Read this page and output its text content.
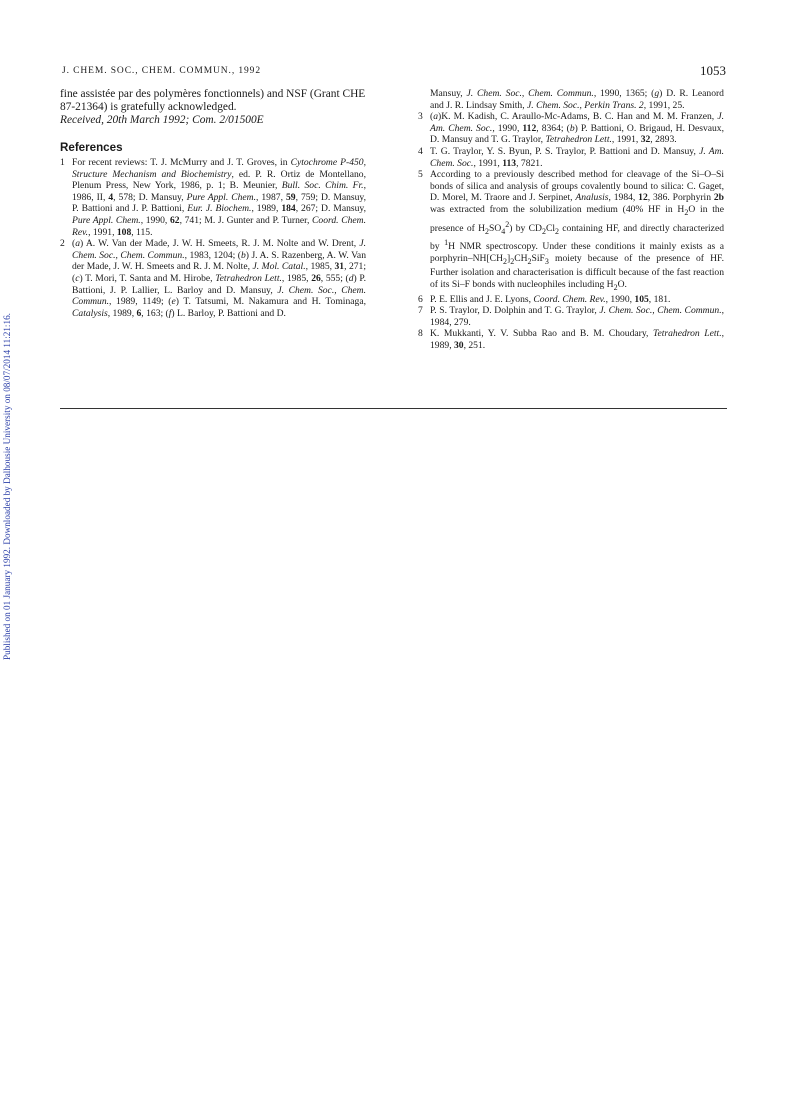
Published on 01 January 1992. Downloaded by Dalhousie University on 08/07/2014 11:21:16.
J. CHEM. SOC., CHEM. COMMUN., 1992	1053

fine assistée par des polymères fonctionnels) and NSF (Grant CHE 87-21364) is gratefully acknowledged.

Received, 20th March 1992; Com. 2/01500E

References

1 For recent reviews: T. J. McMurry and J. T. Groves, in Cytochrome P-450, Structure Mechanism and Biochemistry, ed. P. R. Ortiz de Montellano, Plenum Press, New York, 1986, p. 1; B. Meunier, Bull. Soc. Chim. Fr., 1986, II, 4, 578; D. Mansuy, Pure Appl. Chem., 1987, 59, 759; D. Mansuy, P. Battioni and J. P. Battioni, Eur. J. Biochem., 1989, 184, 267; D. Mansuy, Pure Appl. Chem., 1990, 62, 741; M. J. Gunter and P. Turner, Coord. Chem. Rev., 1991, 108, 115.

2 (a) A. W. Van der Made, J. W. H. Smeets, R. J. M. Nolte and W. Drent, J. Chem. Soc., Chem. Commun., 1983, 1204; (b) J. A. S. Razenberg, A. W. Van der Made, J. W. H. Smeets and R. J. M. Nolte, J. Mol. Catal., 1985, 31, 271; (c) T. Mori, T. Santa and M. Hirobe, Tetrahedron Lett., 1985, 26, 555; (d) P. Battioni, J. P. Lallier, L. Barloy and D. Mansuy, J. Chem. Soc., Chem. Commun., 1989, 1149; (e) T. Tatsumi, M. Nakamura and H. Tominaga, Catalysis, 1989, 6, 163; (f) L. Barloy, P. Battioni and D.

Mansuy, J. Chem. Soc., Chem. Commun., 1990, 1365; (g) D. R. Leanord and J. R. Lindsay Smith, J. Chem. Soc., Perkin Trans. 2, 1991, 25.

3 (a)K. M. Kadish, C. Araullo-Mc-Adams, B. C. Han and M. M. Franzen, J. Am. Chem. Soc., 1990, 112, 8364; (b) P. Battioni, O. Brigaud, H. Desvaux, D. Mansuy and T. G. Traylor, Tetrahedron Lett., 1991, 32, 2893.

4 T. G. Traylor, Y. S. Byun, P. S. Traylor, P. Battioni and D. Mansuy, J. Am. Chem. Soc., 1991, 113, 7821.

5 According to a previously described method for cleavage of the Si–O–Si bonds of silica and analysis of groups covalently bound to silica: C. Gaget, D. Morel, M. Traore and J. Serpinet, Analusis, 1984, 12, 386. Porphyrin 2b was extracted from the solubilization medium (40% HF in $H_2O$ in the presence of $H_2SO_4^2$) by $CD_2Cl_2$ containing HF, and directly characterized by $^1$H NMR spectroscopy. Under these conditions it mainly exists as a porphyrin–$NH[CH_2]_2CH_2SiF_3$ moiety because of the presence of HF. Further isolation and characterisation is difficult because of the fast reaction of its Si–F bonds with nucleophiles including $H_2O$.

6 P. E. Ellis and J. E. Lyons, Coord. Chem. Rev., 1990, 105, 181.

7 P. S. Traylor, D. Dolphin and T. G. Traylor, J. Chem. Soc., Chem. Commun., 1984, 279.

8 K. Mukkanti, Y. V. Subba Rao and B. M. Choudary, Tetrahedron Lett., 1989, 30, 251.
